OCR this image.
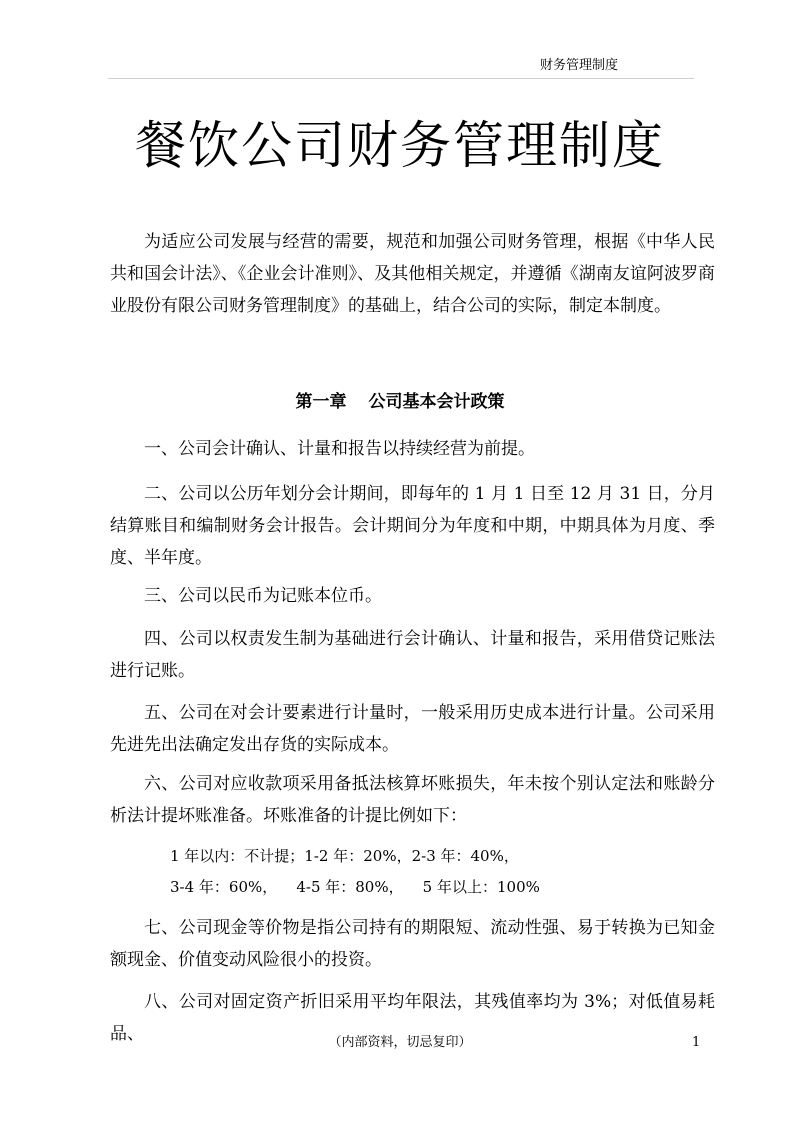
财务管理制度
餐饮公司财务管理制度

为适应公司发展与经营的需要，规范和加强公司财务管理，根据《中华人民共和国会计法》、《企业会计准则》、及其他相关规定，并遵循《湖南友谊阿波罗商业股份有限公司财务管理制度》的基础上，结合公司的实际，制定本制度。

第一章 公司基本会计政策

一、公司会计确认、计量和报告以持续经营为前提。

二、公司以公历年划分会计期间，即每年的 1 月 1 日至 12 月 31 日，分月结算账目和编制财务会计报告。会计期间分为年度和中期，中期具体为月度、季度、半年度。

三、公司以民币为记账本位币。

四、公司以权责发生制为基础进行会计确认、计量和报告，采用借贷记账法进行记账。

五、公司在对会计要素进行计量时，一般采用历史成本进行计量。公司采用先进先出法确定发出存货的实际成本。

六、公司对应收款项采用备抵法核算坏账损失，年未按个别认定法和账龄分析法计提坏账准备。坏账准备的计提比例如下：

1 年以内：不计提；1-2 年：20%，2-3 年：40%，
3-4 年：60%，    4-5 年：80%，    5 年以上：100%

七、公司现金等价物是指公司持有的期限短、流动性强、易于转换为已知金额现金、价值变动风险很小的投资。

八、公司对固定资产折旧采用平均年限法，其残值率均为 3%；对低值易耗品、	（内部资料，切忌复印）	1
